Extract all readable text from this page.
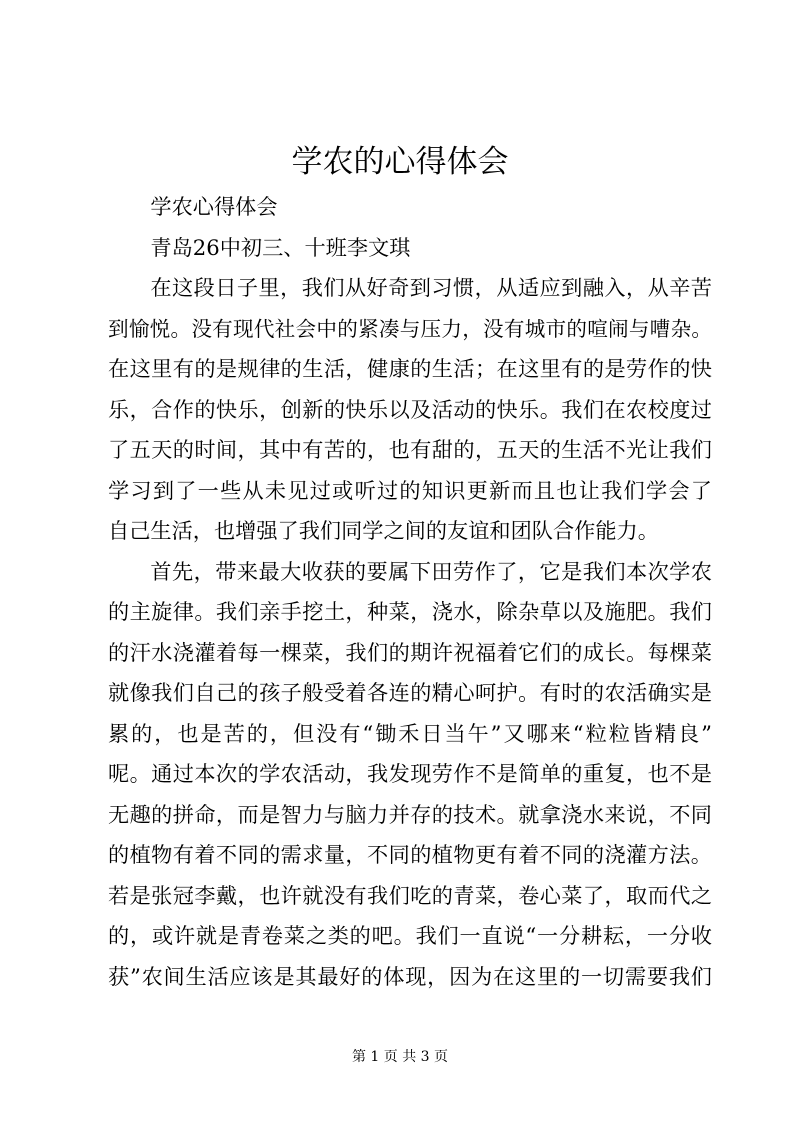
学农的心得体会

学农心得体会

青岛26中初三、十班李文琪

在这段日子里，我们从好奇到习惯，从适应到融入，从辛苦
到愉悦。没有现代社会中的紧凑与压力，没有城市的喧闹与嘈杂。
在这里有的是规律的生活，健康的生活；在这里有的是劳作的快
乐，合作的快乐，创新的快乐以及活动的快乐。我们在农校度过
了五天的时间，其中有苦的，也有甜的，五天的生活不光让我们
学习到了一些从未见过或听过的知识更新而且也让我们学会了
自己生活，也增强了我们同学之间的友谊和团队合作能力。
首先，带来最大收获的要属下田劳作了，它是我们本次学农
的主旋律。我们亲手挖土，种菜，浇水，除杂草以及施肥。我们
的汗水浇灌着每一棵菜，我们的期许祝福着它们的成长。每棵菜
就像我们自己的孩子般受着各连的精心呵护。有时的农活确实是
累的，也是苦的，但没有“锄禾日当午”又哪来“粒粒皆精良”
呢。通过本次的学农活动，我发现劳作不是简单的重复，也不是
无趣的拼命，而是智力与脑力并存的技术。就拿浇水来说，不同
的植物有着不同的需求量，不同的植物更有着不同的浇灌方法。
若是张冠李戴，也许就没有我们吃的青菜，卷心菜了，取而代之
的，或许就是青卷菜之类的吧。我们一直说“一分耕耘，一分收
获”农间生活应该是其最好的体现，因为在这里的一切需要我们

第 1 页 共 3 页
